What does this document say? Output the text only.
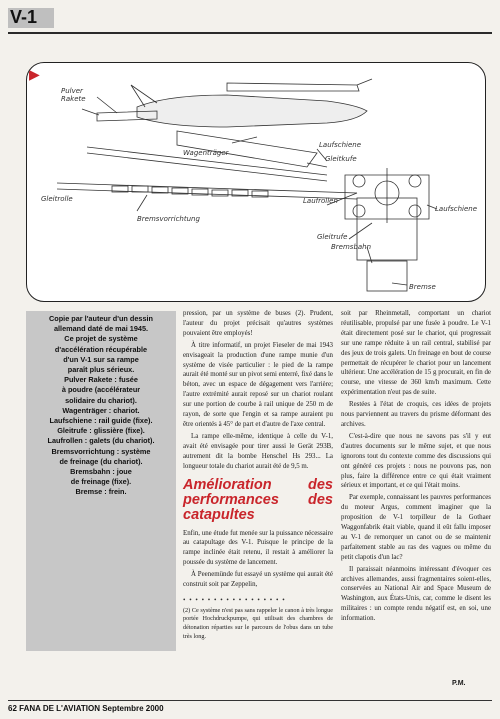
V-1
▶
Pulver
Rakete
Wagenträger
Laufschiene
Gleitkufe
Gleitrolle
Bremsvorrichtung
Laufrollen
Gleitrufe
Laufschiene
Bremsbahn
Bremse

Copie par l'auteur d'un dessin
allemand daté de mai 1945.
Ce projet de système
d'accélération récupérable
d'un V-1 sur sa rampe
paraît plus sérieux.
Pulver Rakete : fusée
à poudre (accélérateur
solidaire du chariot).
Wagenträger : chariot.
Laufschiene : rail guide (fixe).
Gleitrufe : glissière (fixe).
Laufrollen : galets (du chariot).
Bremsvorrichtung : système
de freinage (du chariot).
Bremsbahn : joue
de freinage (fixe).
Bremse : frein.

pression, par un système de buses (2). Prudent, l'auteur du projet précisait qu'autres systèmes pouvaient être employés!

À titre informatif, un projet Fieseler de mai 1943 envisageait la production d'une rampe munie d'un système de visée particulier : le pied de la rampe aurait été monté sur un pivot semi enterré, fixé dans le béton, avec un espace de dégagement vers l'arrière; l'autre extrémité aurait reposé sur un chariot roulant sur une portion de courbe à rail unique de 250 m de rayon, de sorte que l'engin et sa rampe auraient pu être orientés à 45° de part et d'autre de l'axe central.

La rampe elle-même, identique à celle du V-1, avait été envisagée pour tirer aussi le Gerät 293B, autrement dit la bombe Henschel Hs 293... La longueur totale du chariot aurait été de 9,5 m.

Amélioration des performances des catapultes

Enfin, une étude fut menée sur la puissance nécessaire au catapultage des V-1. Puisque le principe de la rampe inclinée était retenu, il restait à améliorer la poussée du système de lancement.

À Peenemünde fut essayé un système qui aurait été construit soit par Zeppelin,

• • • • • • • • • • • • • • • • •

(2) Ce système n'est pas sans rappeler le canon à très longue portée Hochdruckpumpe, qui utilisait des chambres de détonation réparties sur le parcours de l'obus dans un tube très long.

soit par Rheinmetall, comportant un chariot réutilisable, propulsé par une fusée à poudre. Le V-1 était directement posé sur le chariot, qui progressait sur une rampe réduite à un rail central, stabilisé par des jeux de trois galets. Un freinage en bout de course permettait de récupérer le chariot pour un lancement ultérieur. Une accélération de 15 g procurait, en fin de course, une vitesse de 360 km/h maximum. Cette expérimentation n'eut pas de suite.

Restées à l'état de croquis, ces idées de projets nous parviennent au travers du prisme déformant des archives.

C'est-à-dire que nous ne savons pas s'il y eut d'autres documents sur le même sujet, et que nous ignorons tout du contexte comme des discussions qui ont généré ces projets : nous ne pouvons pas, non plus, faire la différence entre ce qui était vraiment sérieux et important, et ce qui l'était moins.

Par exemple, connaissant les pauvres performances du moteur Argus, comment imaginer que la proposition de V-1 torpilleur de la Gothaer Waggonfabrik était viable, quand il eût fallu imposer au V-1 de remorquer un canot ou de se maintenir parfaitement stable au ras des vagues ou même du petit clapotis d'un lac?

Il paraissait néanmoins intéressant d'évoquer ces archives allemandes, aussi fragmentaires soient-elles, conservées au National Air and Space Museum de Washington, aux États-Unis, car, comme le disent les militaires : un compte rendu négatif est, en soi, une information.

P.M.
62 FANA DE L'AVIATION Septembre 2000
